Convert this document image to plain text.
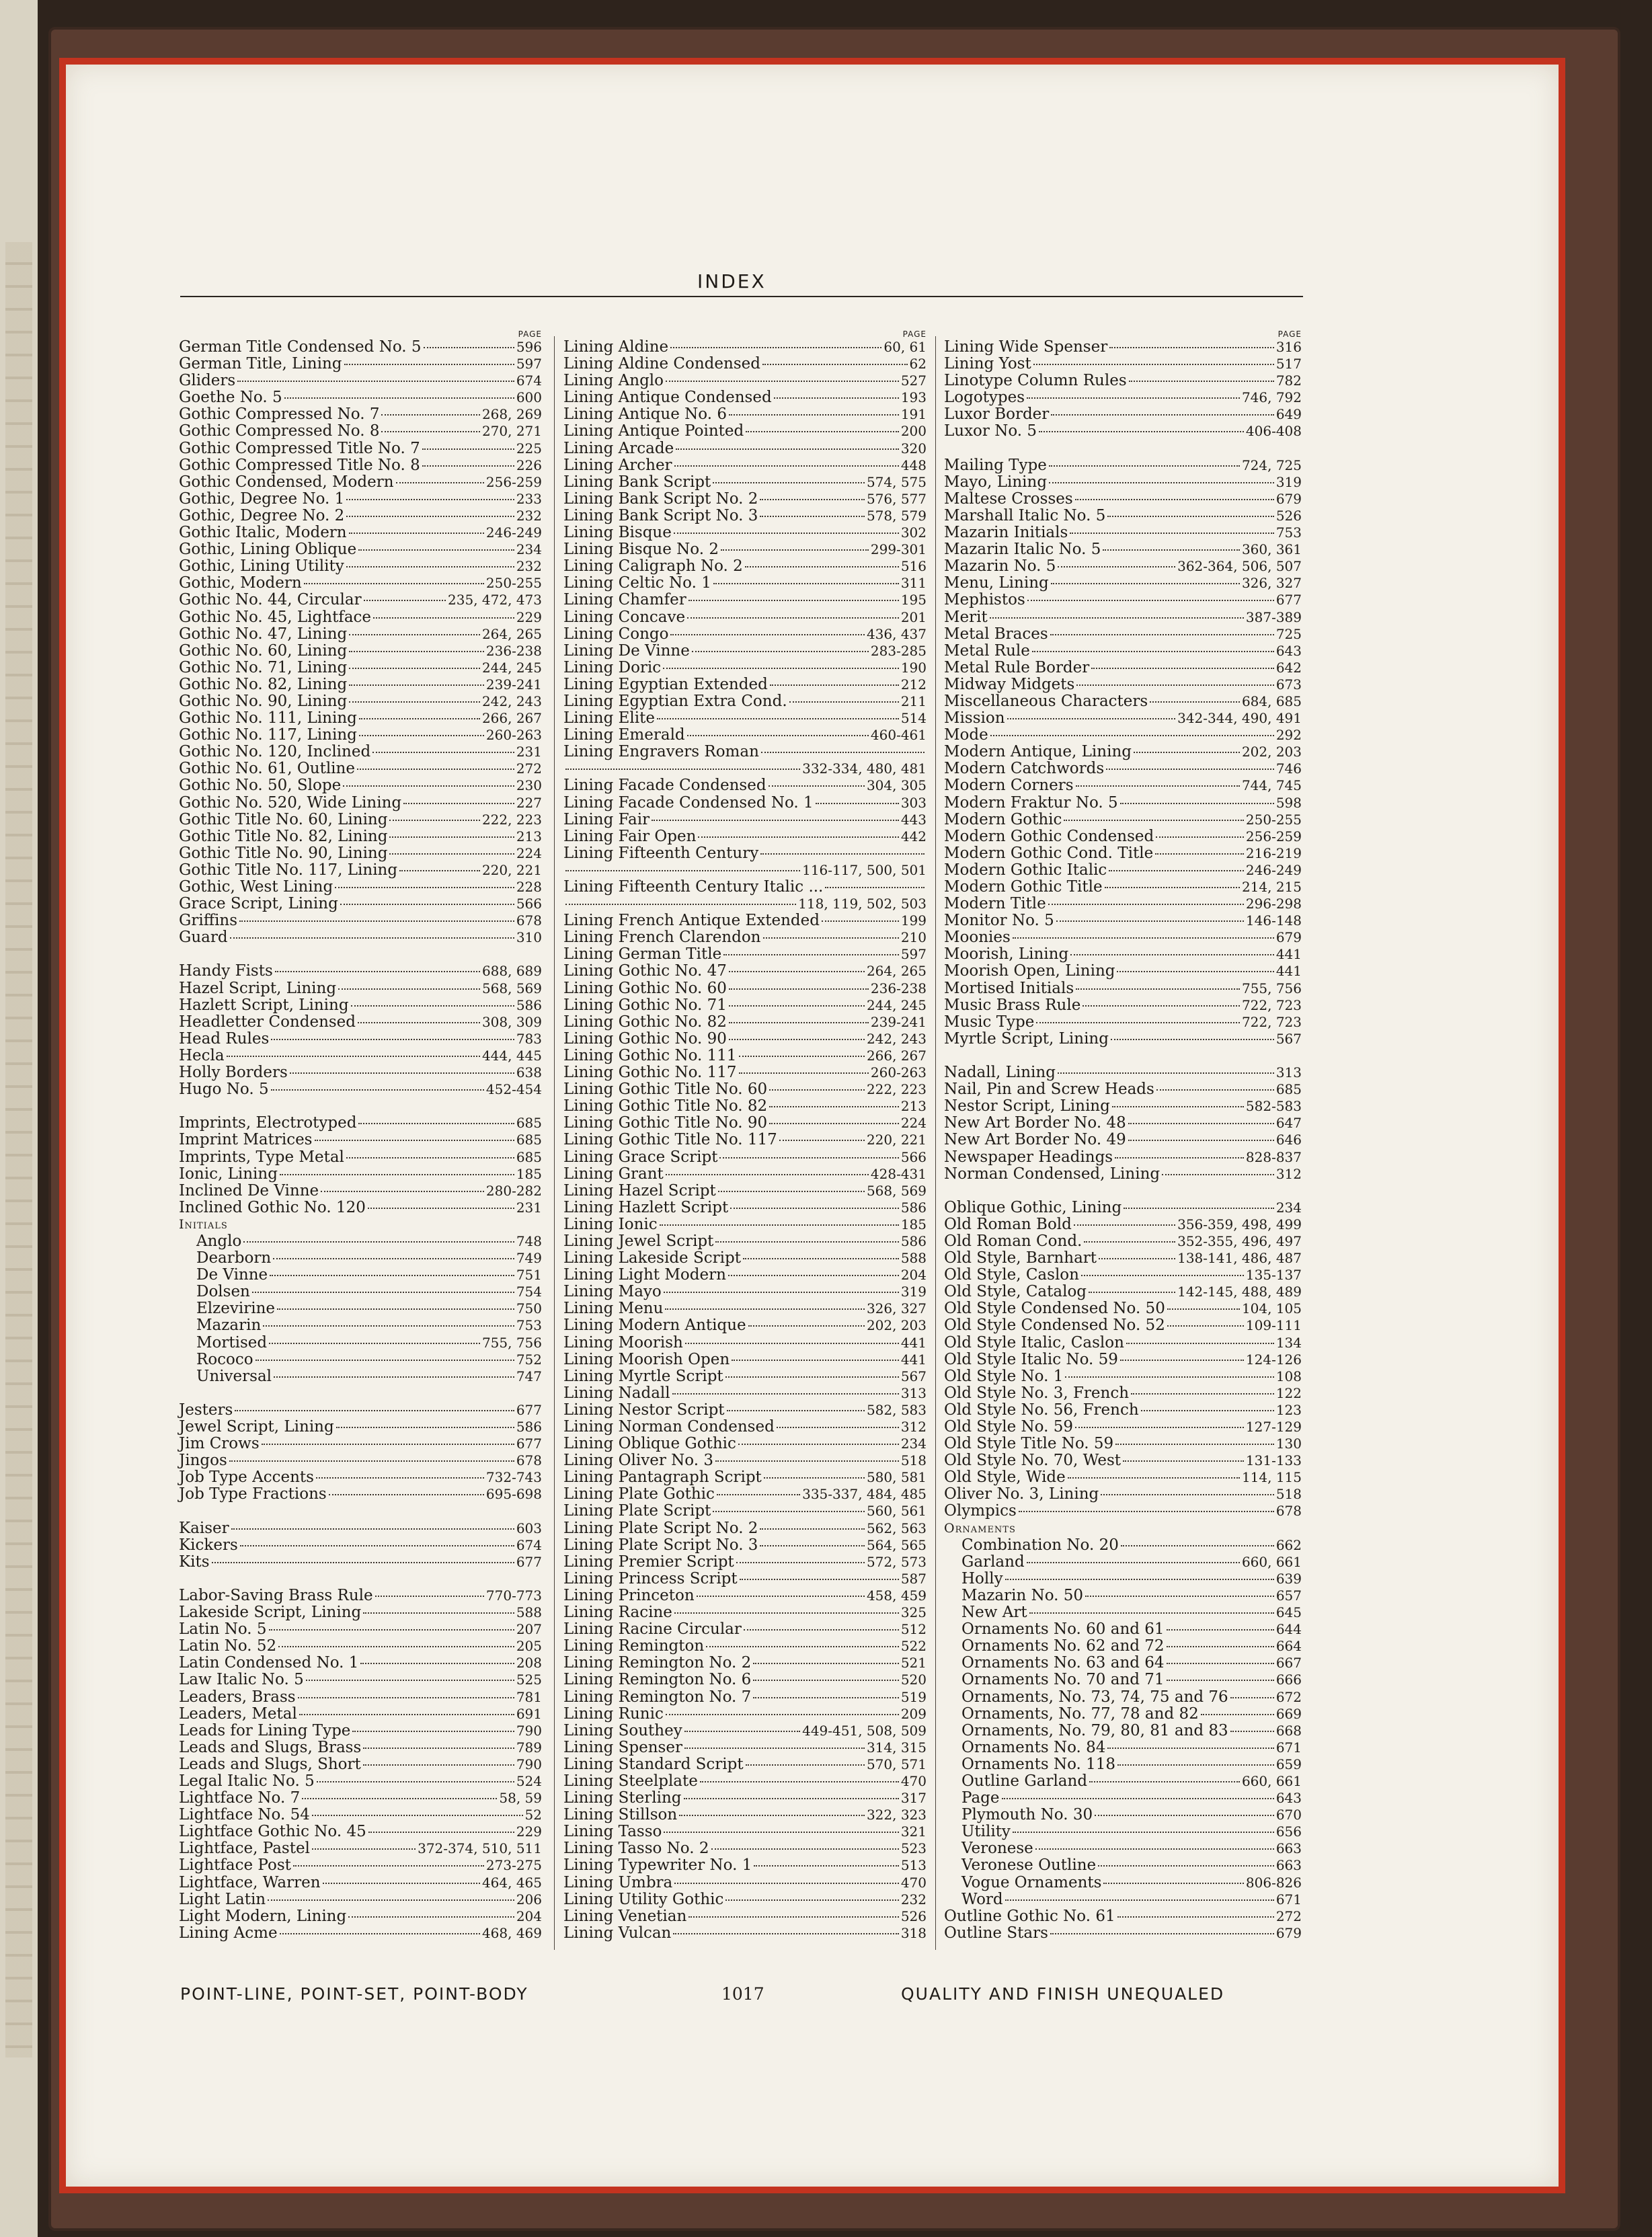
INDEX
PAGE
German Title Condensed No. 5	596
German Title, Lining	597
Gliders	674
Goethe No. 5	600
Gothic Compressed No. 7	268, 269
Gothic Compressed No. 8	270, 271
Gothic Compressed Title No. 7	225
Gothic Compressed Title No. 8	226
Gothic Condensed, Modern	256-259
Gothic, Degree No. 1	233
Gothic, Degree No. 2	232
Gothic Italic, Modern	246-249
Gothic, Lining Oblique	234
Gothic, Lining Utility	232
Gothic, Modern	250-255
Gothic No. 44, Circular	235, 472, 473
Gothic No. 45, Lightface	229
Gothic No. 47, Lining	264, 265
Gothic No. 60, Lining	236-238
Gothic No. 71, Lining	244, 245
Gothic No. 82, Lining	239-241
Gothic No. 90, Lining	242, 243
Gothic No. 111, Lining	266, 267
Gothic No. 117, Lining	260-263
Gothic No. 120, Inclined	231
Gothic No. 61, Outline	272
Gothic No. 50, Slope	230
Gothic No. 520, Wide Lining	227
Gothic Title No. 60, Lining	222, 223
Gothic Title No. 82, Lining	213
Gothic Title No. 90, Lining	224
Gothic Title No. 117, Lining	220, 221
Gothic, West Lining	228
Grace Script, Lining	566
Griffins	678
Guard	310
Handy Fists	688, 689
Hazel Script, Lining	568, 569
Hazlett Script, Lining	586
Headletter Condensed	308, 309
Head Rules	783
Hecla	444, 445
Holly Borders	638
Hugo No. 5	452-454
Imprints, Electrotyped	685
Imprint Matrices	685
Imprints, Type Metal	685
Ionic, Lining	185
Inclined De Vinne	280-282
Inclined Gothic No. 120	231
Initials
Anglo	748
Dearborn	749
De Vinne	751
Dolsen	754
Elzevirine	750
Mazarin	753
Mortised	755, 756
Rococo	752
Universal	747
Jesters	677
Jewel Script, Lining	586
Jim Crows	677
Jingos	678
Job Type Accents	732-743
Job Type Fractions	695-698
Kaiser	603
Kickers	674
Kits	677
Labor-Saving Brass Rule	770-773
Lakeside Script, Lining	588
Latin No. 5	207
Latin No. 52	205
Latin Condensed No. 1	208
Law Italic No. 5	525
Leaders, Brass	781
Leaders, Metal	691
Leads for Lining Type	790
Leads and Slugs, Brass	789
Leads and Slugs, Short	790
Legal Italic No. 5	524
Lightface No. 7	58, 59
Lightface No. 54	52
Lightface Gothic No. 45	229
Lightface, Pastel	372-374, 510, 511
Lightface Post	273-275
Lightface, Warren	464, 465
Light Latin	206
Light Modern, Lining	204
Lining Acme	468, 469
PAGE
Lining Aldine	60, 61
Lining Aldine Condensed	62
Lining Anglo	527
Lining Antique Condensed	193
Lining Antique No. 6	191
Lining Antique Pointed	200
Lining Arcade	320
Lining Archer	448
Lining Bank Script	574, 575
Lining Bank Script No. 2	576, 577
Lining Bank Script No. 3	578, 579
Lining Bisque	302
Lining Bisque No. 2	299-301
Lining Caligraph No. 2	516
Lining Celtic No. 1	311
Lining Chamfer	195
Lining Concave	201
Lining Congo	436, 437
Lining De Vinne	283-285
Lining Doric	190
Lining Egyptian Extended	212
Lining Egyptian Extra Cond.	211
Lining Elite	514
Lining Emerald	460-461
Lining Engravers Roman
332-334, 480, 481
Lining Facade Condensed	304, 305
Lining Facade Condensed No. 1	303
Lining Fair	443
Lining Fair Open	442
Lining Fifteenth Century
116-117, 500, 501
Lining Fifteenth Century Italic ...
118, 119, 502, 503
Lining French Antique Extended	199
Lining French Clarendon	210
Lining German Title	597
Lining Gothic No. 47	264, 265
Lining Gothic No. 60	236-238
Lining Gothic No. 71	244, 245
Lining Gothic No. 82	239-241
Lining Gothic No. 90	242, 243
Lining Gothic No. 111	266, 267
Lining Gothic No. 117	260-263
Lining Gothic Title No. 60	222, 223
Lining Gothic Title No. 82	213
Lining Gothic Title No. 90	224
Lining Gothic Title No. 117	220, 221
Lining Grace Script	566
Lining Grant	428-431
Lining Hazel Script	568, 569
Lining Hazlett Script	586
Lining Ionic	185
Lining Jewel Script	586
Lining Lakeside Script	588
Lining Light Modern	204
Lining Mayo	319
Lining Menu	326, 327
Lining Modern Antique	202, 203
Lining Moorish	441
Lining Moorish Open	441
Lining Myrtle Script	567
Lining Nadall	313
Lining Nestor Script	582, 583
Lining Norman Condensed	312
Lining Oblique Gothic	234
Lining Oliver No. 3	518
Lining Pantagraph Script	580, 581
Lining Plate Gothic	335-337, 484, 485
Lining Plate Script	560, 561
Lining Plate Script No. 2	562, 563
Lining Plate Script No. 3	564, 565
Lining Premier Script	572, 573
Lining Princess Script	587
Lining Princeton	458, 459
Lining Racine	325
Lining Racine Circular	512
Lining Remington	522
Lining Remington No. 2	521
Lining Remington No. 6	520
Lining Remington No. 7	519
Lining Runic	209
Lining Southey	449-451, 508, 509
Lining Spenser	314, 315
Lining Standard Script	570, 571
Lining Steelplate	470
Lining Sterling	317
Lining Stillson	322, 323
Lining Tasso	321
Lining Tasso No. 2	523
Lining Typewriter No. 1	513
Lining Umbra	470
Lining Utility Gothic	232
Lining Venetian	526
Lining Vulcan	318
PAGE
Lining Wide Spenser	316
Lining Yost	517
Linotype Column Rules	782
Logotypes	746, 792
Luxor Border	649
Luxor No. 5	406-408
Mailing Type	724, 725
Mayo, Lining	319
Maltese Crosses	679
Marshall Italic No. 5	526
Mazarin Initials	753
Mazarin Italic No. 5	360, 361
Mazarin No. 5	362-364, 506, 507
Menu, Lining	326, 327
Mephistos	677
Merit	387-389
Metal Braces	725
Metal Rule	643
Metal Rule Border	642
Midway Midgets	673
Miscellaneous Characters	684, 685
Mission	342-344, 490, 491
Mode	292
Modern Antique, Lining	202, 203
Modern Catchwords	746
Modern Corners	744, 745
Modern Fraktur No. 5	598
Modern Gothic	250-255
Modern Gothic Condensed	256-259
Modern Gothic Cond. Title	216-219
Modern Gothic Italic	246-249
Modern Gothic Title	214, 215
Modern Title	296-298
Monitor No. 5	146-148
Moonies	679
Moorish, Lining	441
Moorish Open, Lining	441
Mortised Initials	755, 756
Music Brass Rule	722, 723
Music Type	722, 723
Myrtle Script, Lining	567
Nadall, Lining	313
Nail, Pin and Screw Heads	685
Nestor Script, Lining	582-583
New Art Border No. 48	647
New Art Border No. 49	646
Newspaper Headings	828-837
Norman Condensed, Lining	312
Oblique Gothic, Lining	234
Old Roman Bold	356-359, 498, 499
Old Roman Cond.	352-355, 496, 497
Old Style, Barnhart	138-141, 486, 487
Old Style, Caslon	135-137
Old Style, Catalog	142-145, 488, 489
Old Style Condensed No. 50	104, 105
Old Style Condensed No. 52	109-111
Old Style Italic, Caslon	134
Old Style Italic No. 59	124-126
Old Style No. 1	108
Old Style No. 3, French	122
Old Style No. 56, French	123
Old Style No. 59	127-129
Old Style Title No. 59	130
Old Style No. 70, West	131-133
Old Style, Wide	114, 115
Oliver No. 3, Lining	518
Olympics	678
Ornaments
Combination No. 20	662
Garland	660, 661
Holly	639
Mazarin No. 50	657
New Art	645
Ornaments No. 60 and 61	644
Ornaments No. 62 and 72	664
Ornaments No. 63 and 64	667
Ornaments No. 70 and 71	666
Ornaments, No. 73, 74, 75 and 76	672
Ornaments, No. 77, 78 and 82	669
Ornaments, No. 79, 80, 81 and 83	668
Ornaments No. 84	671
Ornaments No. 118	659
Outline Garland	660, 661
Page	643
Plymouth No. 30	670
Utility	656
Veronese	663
Veronese Outline	663
Vogue Ornaments	806-826
Word	671
Outline Gothic No. 61	272
Outline Stars	679
POINT-LINE, POINT-SET, POINT-BODY	1017	QUALITY AND FINISH UNEQUALED
